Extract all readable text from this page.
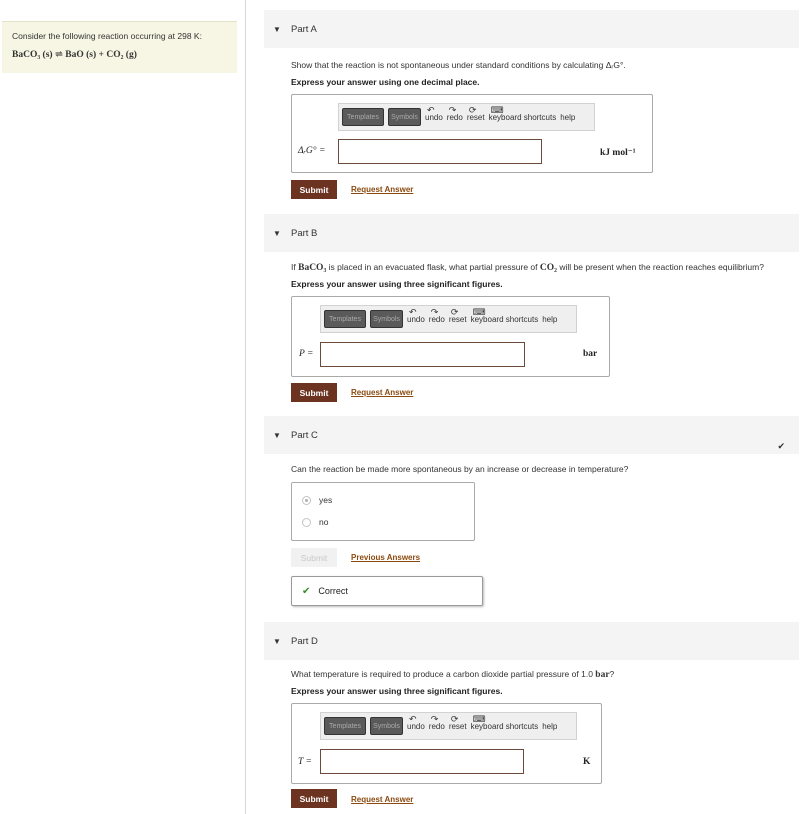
Consider the following reaction occurring at 298 K:
BaCO₃ (s) ⇌ BaO (s) + CO₂ (g)
▼	Part A
Show that the reaction is not spontaneous under standard conditions by calculating ΔᵣG°.
Express your answer using one decimal place.
Templates	Symbols
↶
undo
↷
redo
⟳
reset
⌨
keyboard shortcuts help
ΔᵣG° =	kJ mol⁻¹
Submit	Request Answer
▼	Part B
If BaCO₃ is placed in an evacuated flask, what partial pressure of CO₂ will be present when the reaction reaches equilibrium?
Express your answer using three significant figures.
Templates	Symbols
↶
undo
↷
redo
⟳
reset
⌨
keyboard shortcuts help
P =	bar
Submit	Request Answer
▼	Part C
✔
Can the reaction be made more spontaneous by an increase or decrease in temperature?
yes
no
Submit	Previous Answers
✔ Correct
▼	Part D
What temperature is required to produce a carbon dioxide partial pressure of 1.0 bar?
Express your answer using three significant figures.
Templates	Symbols
↶
undo
↷
redo
⟳
reset
⌨
keyboard shortcuts help
T =	K
Submit	Request Answer
